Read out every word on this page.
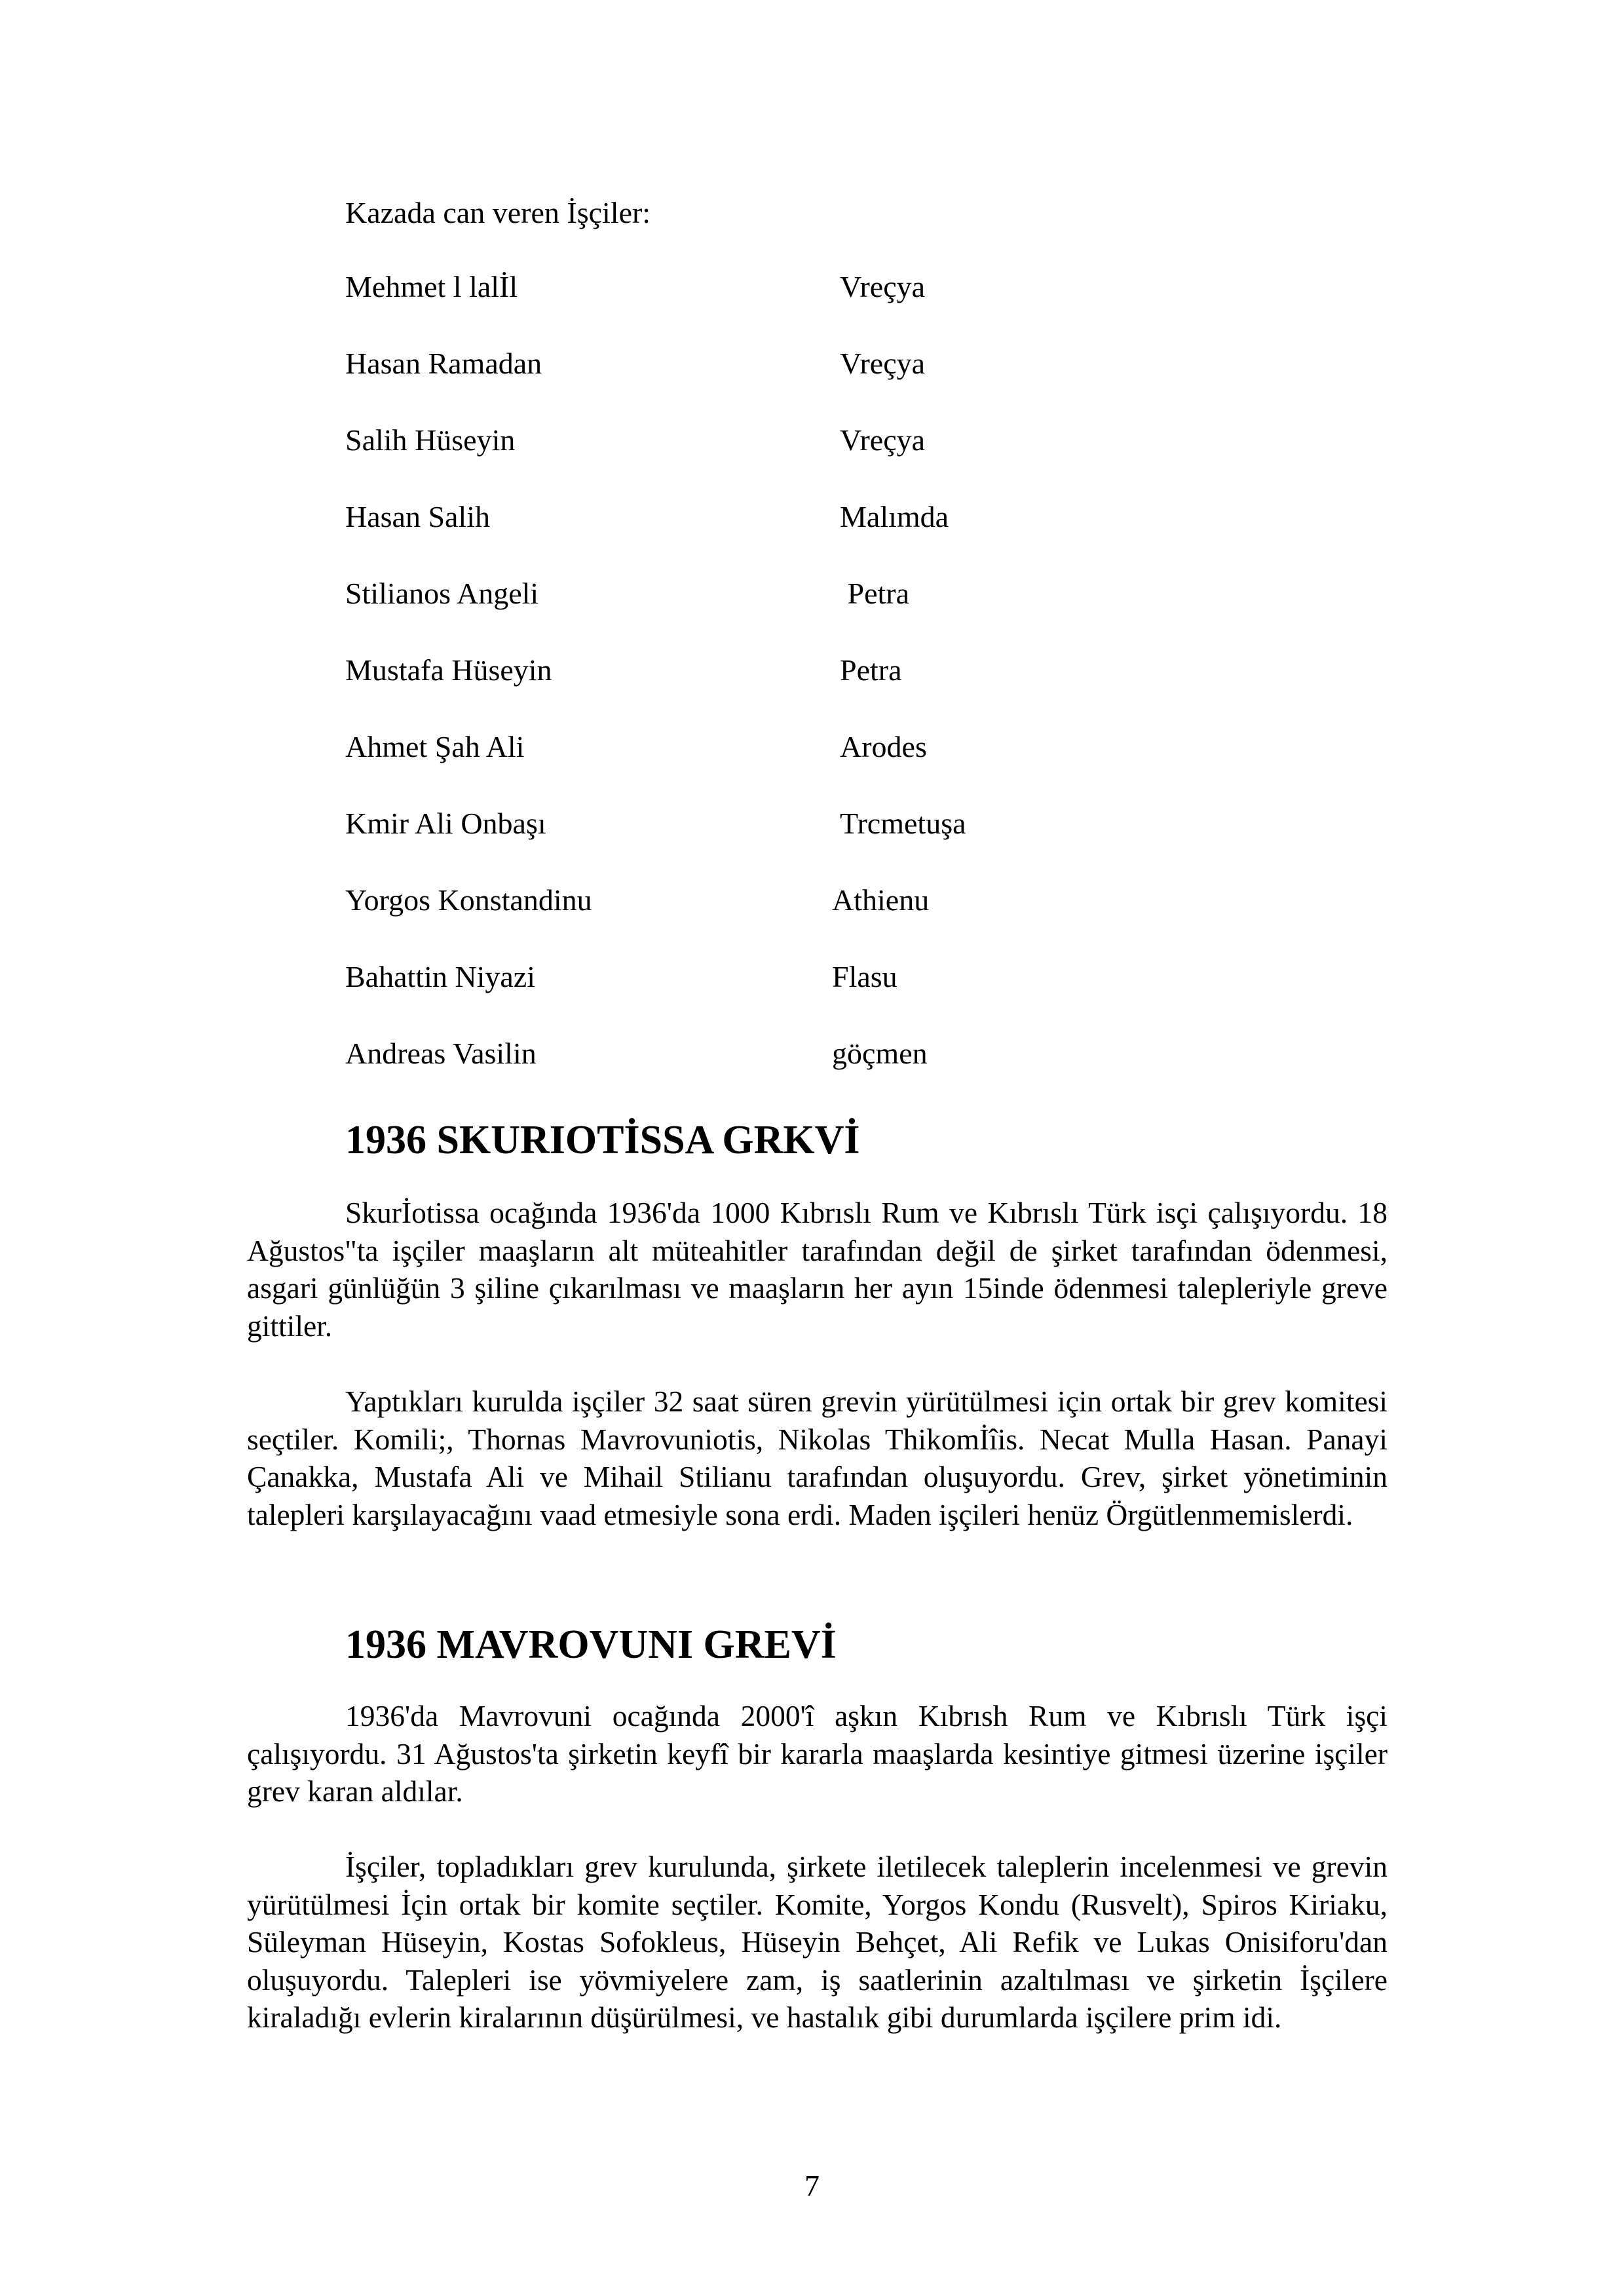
Kazada can veren İşçiler:

Mehmet l lalİl	Vreçya
Hasan Ramadan	Vreçya
Salih Hüseyin	Vreçya
Hasan Salih	Malımda
Stilianos Angeli	Petra
Mustafa Hüseyin	Petra
Ahmet Şah Ali	Arodes
Kmir Ali Onbaşı	Trcmetuşa
Yorgos Konstandinu	Athienu
Bahattin Niyazi	Flasu
Andreas Vasilin	göçmen
1936 SKURIOTİSSA GRKVİ

Skurİotissa ocağında 1936'da 1000 Kıbrıslı Rum ve Kıbrıslı Türk isçi çalışıyordu. 18 Ağustos"ta işçiler maaşların alt müteahitler tarafından değil de şirket tarafından ödenmesi, asgari günlüğün 3 şiline çıkarılması ve maaşların her ayın 15inde ödenmesi talepleriyle greve gittiler.

Yaptıkları kurulda işçiler 32 saat süren grevin yürütülmesi için ortak bir grev komitesi seçtiler. Komili;, Thornas Mavrovuniotis, Nikolas Thikomİîis. Necat Mulla Hasan. Panayi Çanakka, Mustafa Ali ve Mihail Stilianu tarafından oluşuyordu. Grev, şirket yönetiminin talepleri karşılayacağını vaad etmesiyle sona erdi. Maden işçileri henüz Örgütlenmemislerdi.

1936 MAVROVUNI GREVİ

1936'da Mavrovuni ocağında 2000'î aşkın Kıbrısh Rum ve Kıbrıslı Türk işçi çalışıyordu. 31 Ağustos'ta şirketin keyfî bir kararla maaşlarda kesintiye gitmesi üzerine işçiler grev karan aldılar.

İşçiler, topladıkları grev kurulunda, şirkete iletilecek taleplerin incelenmesi ve grevin yürütülmesi İçin ortak bir komite seçtiler. Komite, Yorgos Kondu (Rusvelt), Spiros Kiriaku, Süleyman Hüseyin, Kostas Sofokleus, Hüseyin Behçet, Ali Refik ve Lukas Onisiforu'dan oluşuyordu. Talepleri ise yövmiyelere zam, iş saatlerinin azaltılması ve şirketin İşçilere kiraladığı evlerin kiralarının düşürülmesi, ve hastalık gibi durumlarda işçilere prim idi.

7
